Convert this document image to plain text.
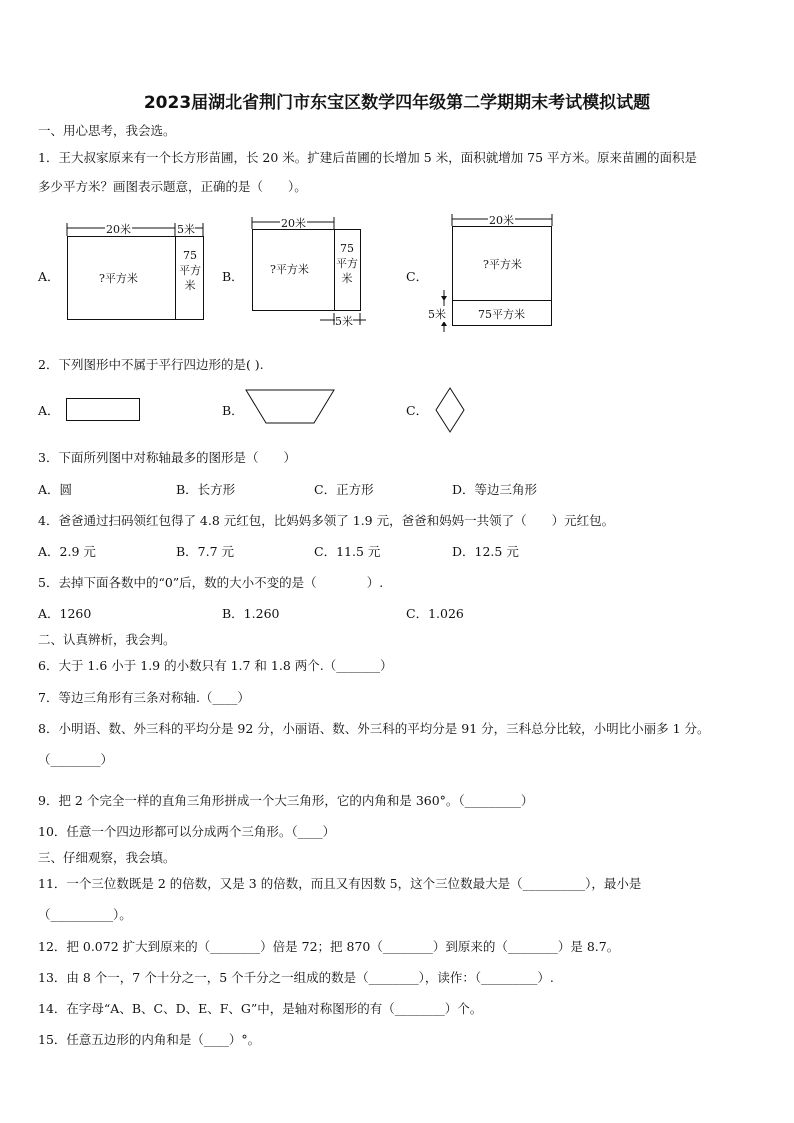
2023届湖北省荆门市东宝区数学四年级第二学期期末考试模拟试题
一、用心思考，我会选。
1．王大叔家原来有一个长方形苗圃，长 20 米。扩建后苗圃的长增加 5 米，面积就增加 75 平方米。原来苗圃的面积是
多少平方米？画图表示题意，正确的是（　　）。
A．
20米	5米
?平方米
75平方米
B．
20米
?平方米
75平方米
5米
C．
20米
?平方米
75平方米
5米
2．下列图形中不属于平行四边形的是( ).
A．	B．	C．
3．下面所列图中对称轴最多的图形是（　　）
A．圆	B．长方形	C．正方形	D．等边三角形
4．爸爸通过扫码领红包得了 4.8 元红包，比妈妈多领了 1.9 元，爸爸和妈妈一共领了（　　）元红包。
A．2.9 元	B．7.7 元	C．11.5 元	D．12.5 元
5．去掉下面各数中的“0”后，数的大小不变的是（　　　　）.
A．1260	B．1.260	C．1.026
二、认真辨析，我会判。
6．大于 1.6 小于 1.9 的小数只有 1.7 和 1.8 两个.（_______）
7．等边三角形有三条对称轴.（____）
8．小明语、数、外三科的平均分是 92 分，小丽语、数、外三科的平均分是 91 分，三科总分比较，小明比小丽多 1 分。
（________）
9．把 2 个完全一样的直角三角形拼成一个大三角形，它的内角和是 360°。（_________）
10．任意一个四边形都可以分成两个三角形。（____）
三、仔细观察，我会填。
11．一个三位数既是 2 的倍数，又是 3 的倍数，而且又有因数 5，这个三位数最大是（__________），最小是
（__________）。
12．把 0.072 扩大到原来的（________）倍是 72；把 870（________）到原来的（________）是 8.7。
13．由 8 个一，7 个十分之一，5 个千分之一组成的数是（________），读作：（_________）.
14．在字母“A、B、C、D、E、F、G”中，是轴对称图形的有（________）个。
15．任意五边形的内角和是（____）°。
